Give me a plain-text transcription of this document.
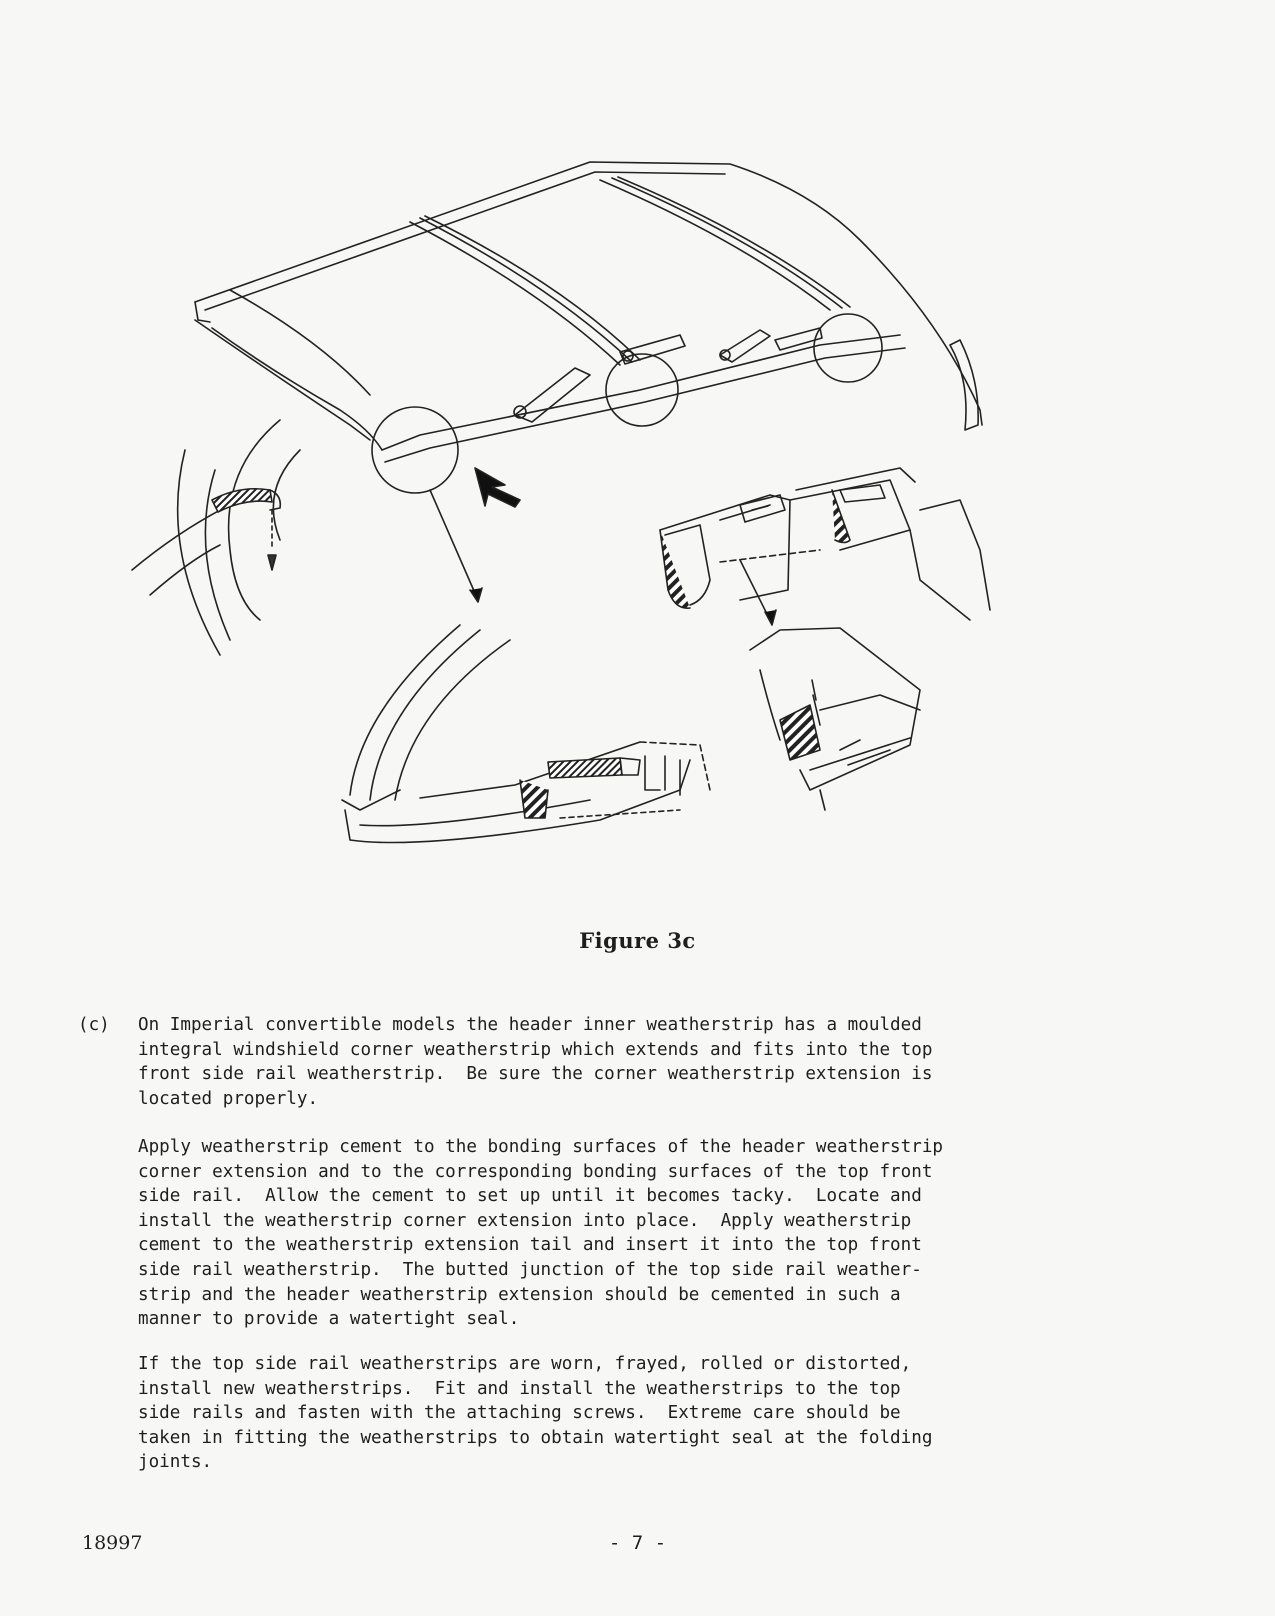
Figure 3c

(c)

On Imperial convertible models the header inner weatherstrip has a moulded
integral windshield corner weatherstrip which extends and fits into the top
front side rail weatherstrip.  Be sure the corner weatherstrip extension is
located properly.

Apply weatherstrip cement to the bonding surfaces of the header weatherstrip
corner extension and to the corresponding bonding surfaces of the top front
side rail.  Allow the cement to set up until it becomes tacky.  Locate and
install the weatherstrip corner extension into place.  Apply weatherstrip
cement to the weatherstrip extension tail and insert it into the top front
side rail weatherstrip.  The butted junction of the top side rail weather-
strip and the header weatherstrip extension should be cemented in such a
manner to provide a watertight seal.

If the top side rail weatherstrips are worn, frayed, rolled or distorted,
install new weatherstrips.  Fit and install the weatherstrips to the top
side rails and fasten with the attaching screws.  Extreme care should be
taken in fitting the weatherstrips to obtain watertight seal at the folding
joints.

18997	- 7 -
